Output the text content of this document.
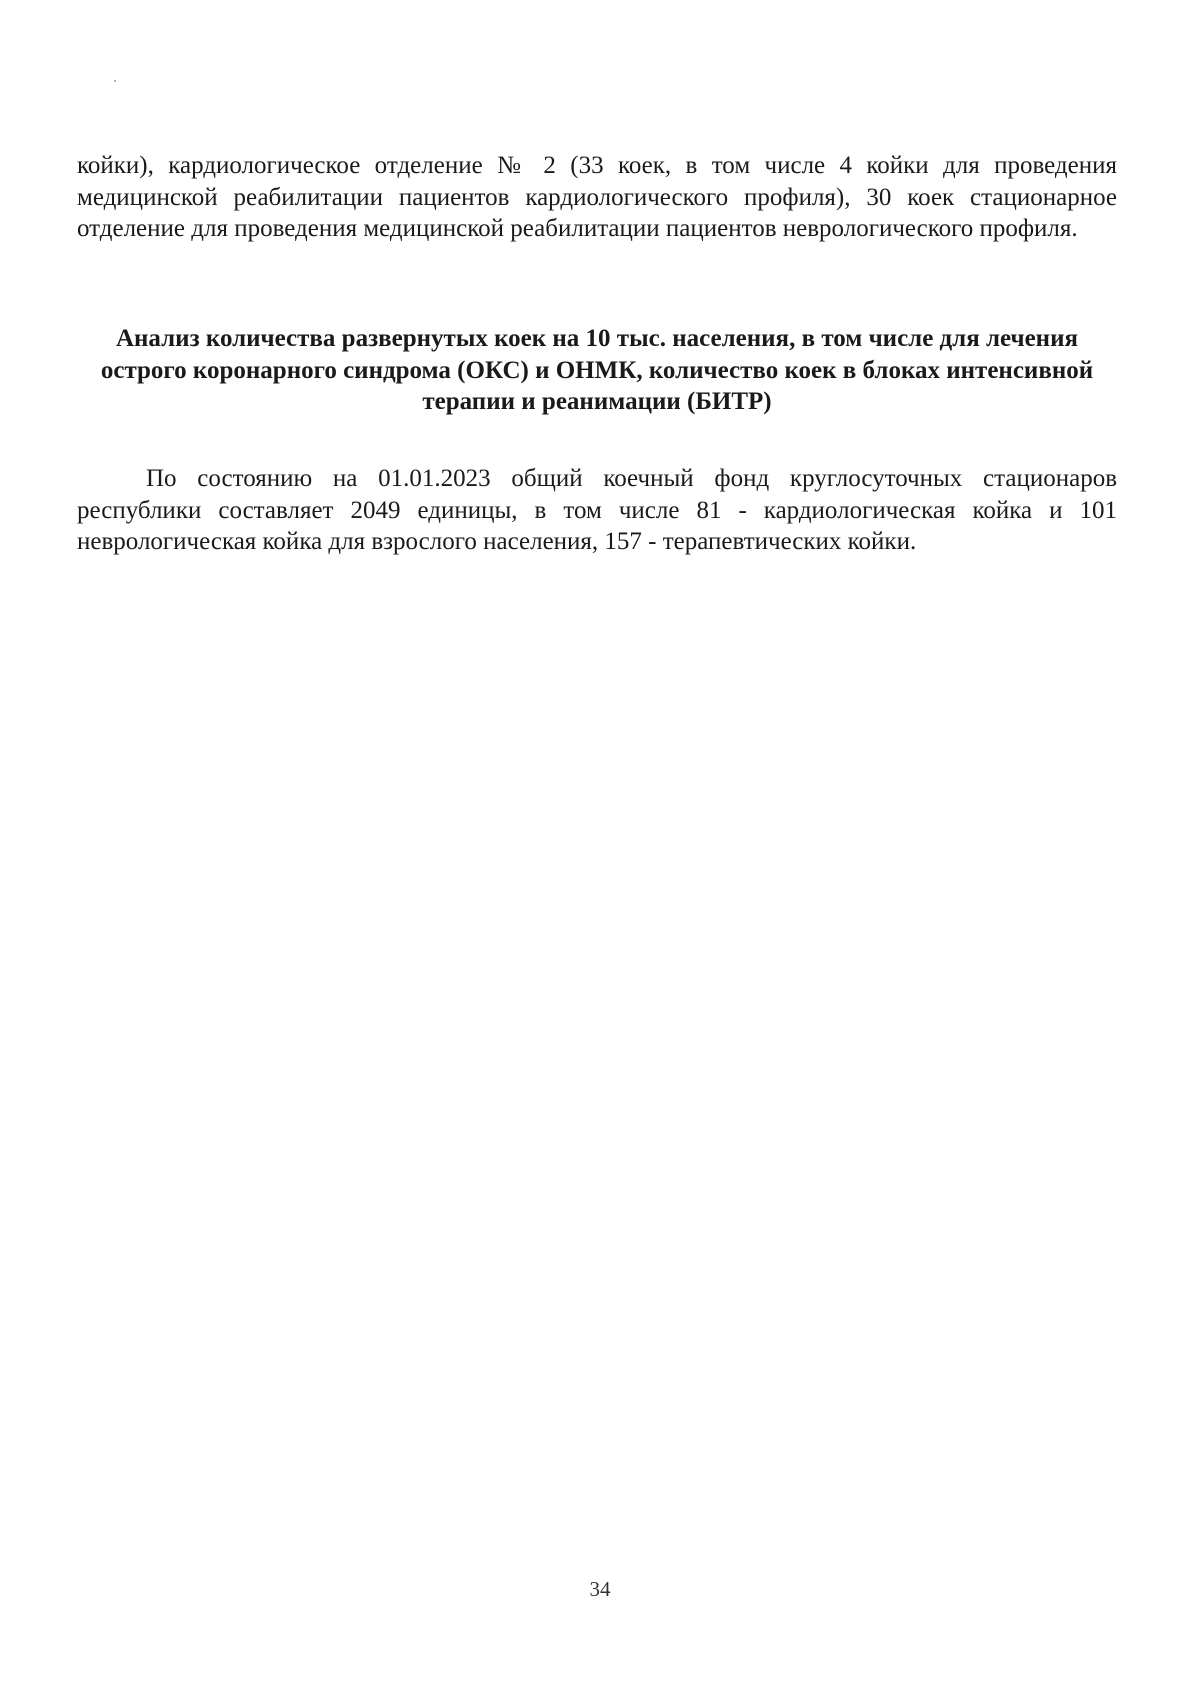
койки), кардиологическое отделение № 2 (33 коек, в том числе 4 койки для проведения медицинской реабилитации пациентов кардиологического профиля), 30 коек стационарное отделение для проведения медицинской реабилитации пациентов неврологического профиля.

Анализ количества развернутых коек на 10 тыс. населения, в том числе для лечения острого коронарного синдрома (ОКС) и ОНМК, количество коек в блоках интенсивной терапии и реанимации (БИТР)

По состоянию на 01.01.2023 общий коечный фонд круглосуточных стационаров республики составляет 2049 единицы, в том числе 81 - кардиологическая койка и 101 неврологическая койка для взрослого населения, 157 - терапевтических койки.

34
